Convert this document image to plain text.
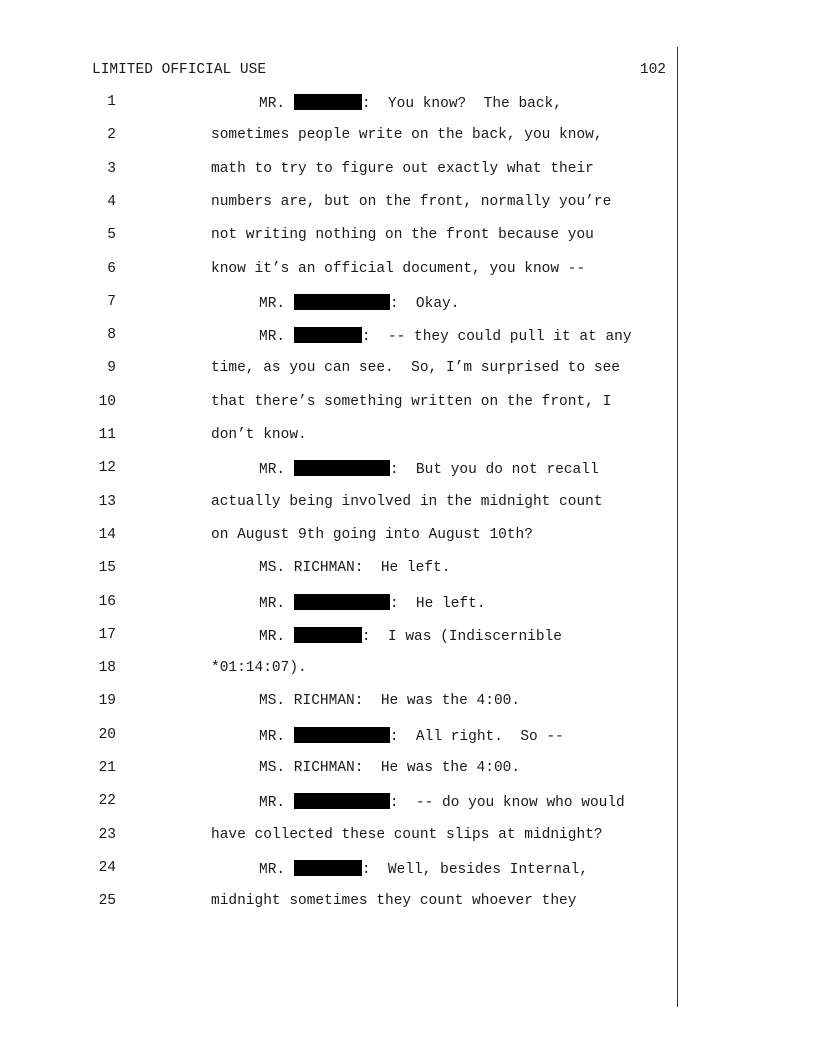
LIMITED OFFICIAL USE	102
1	MR.	:  You know?  The back,
2	sometimes people write on the back, you know,
3	math to try to figure out exactly what their
4	numbers are, but on the front, normally you’re
5	not writing nothing on the front because you
6	know it’s an official document, you know --
7	MR.	:  Okay.
8	MR.	:  -- they could pull it at any
9	time, as you can see.  So, I’m surprised to see
10	that there’s something written on the front, I
11	don’t know.
12	MR.	:  But you do not recall
13	actually being involved in the midnight count
14	on August 9th going into August 10th?
15	MS. RICHMAN:  He left.
16	MR.	:  He left.
17	MR.	:  I was (Indiscernible
18	*01:14:07).
19	MS. RICHMAN:  He was the 4:00.
20	MR.	:  All right.  So --
21	MS. RICHMAN:  He was the 4:00.
22	MR.	:  -- do you know who would
23	have collected these count slips at midnight?
24	MR.	:  Well, besides Internal,
25	midnight sometimes they count whoever they
